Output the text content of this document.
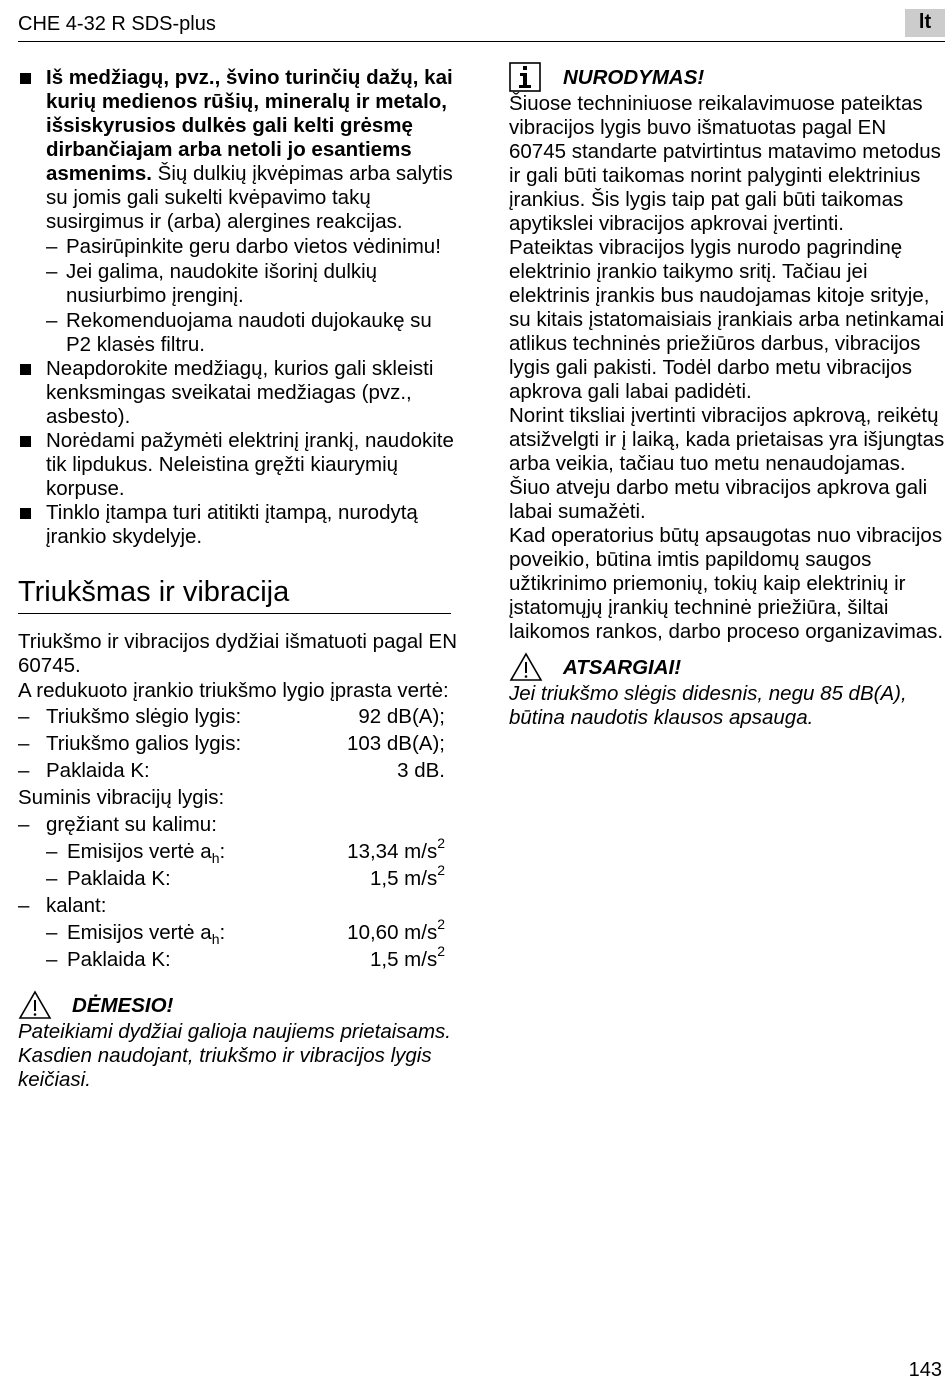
CHE 4-32 R SDS-plus	lt
Iš medžiagų, pvz., švino turinčių dažų, kai kurių medienos rūšių, mineralų ir metalo, išsiskyrusios dulkės gali kelti grėsmę dirbančiajam arba netoli jo esantiems asmenims. Šių dulkių įkvėpimas arba salytis su jomis gali sukelti kvėpavimo takų susirgimus ir (arba) alergines reakcijas.
– Pasirūpinkite geru darbo vietos vėdinimu!
– Jei galima, naudokite išorinį dulkių nusiurbimo įrenginį.
– Rekomenduojama naudoti dujokaukę su P2 klasės filtru.
Neapdorokite medžiagų, kurios gali skleisti kenksmingas sveikatai medžiagas (pvz., asbesto).
Norėdami pažymėti elektrinį įrankį, naudokite tik lipdukus. Neleistina gręžti kiaurymių korpuse.
Tinklo įtampa turi atitikti įtampą, nurodytą įrankio skydelyje.
Triukšmas ir vibracija
Triukšmo ir vibracijos dydžiai išmatuoti pagal EN 60745.
A redukuoto įrankio triukšmo lygio įprasta vertė:
– Triukšmo slėgio lygis:	92 dB(A);
– Triukšmo galios lygis:	103 dB(A);
– Paklaida K:	3 dB.
Suminis vibracijų lygis:
– gręžiant su kalimu:
– Emisijos vertė $a_h$:	13,34 $m/s^2$
– Paklaida K:	1,5 $m/s^2$
– kalant:
– Emisijos vertė $a_h$:	10,60 $m/s^2$
– Paklaida K:	1,5 $m/s^2$
DĖMESIO!
Pateikiami dydžiai galioja naujiems prietaisams. Kasdien naudojant, triukšmo ir vibracijos lygis keičiasi.
NURODYMAS!
Šiuose techniniuose reikalavimuose pateiktas vibracijos lygis buvo išmatuotas pagal EN 60745 standarte patvirtintus matavimo metodus ir gali būti taikomas norint palyginti elektrinius įrankius. Šis lygis taip pat gali būti taikomas apytikslei vibracijos apkrovai įvertinti.
Pateiktas vibracijos lygis nurodo pagrindinę elektrinio įrankio taikymo sritį. Tačiau jei elektrinis įrankis bus naudojamas kitoje srityje, su kitais įstatomaisiais įrankiais arba netinkamai atlikus techninės priežiūros darbus, vibracijos lygis gali pakisti. Todėl darbo metu vibracijos apkrova gali labai padidėti.
Norint tiksliai įvertinti vibracijos apkrovą, reikėtų atsižvelgti ir į laiką, kada prietaisas yra išjungtas arba veikia, tačiau tuo metu nenaudojamas. Šiuo atveju darbo metu vibracijos apkrova gali labai sumažėti.
Kad operatorius būtų apsaugotas nuo vibracijos poveikio, būtina imtis papildomų saugos užtikrinimo priemonių, tokių kaip elektrinių ir įstatomųjų įrankių techninė priežiūra, šiltai laikomos rankos, darbo proceso organizavimas.
ATSARGIAI!
Jei triukšmo slėgis didesnis, negu 85 dB(A), būtina naudotis klausos apsauga.
143
